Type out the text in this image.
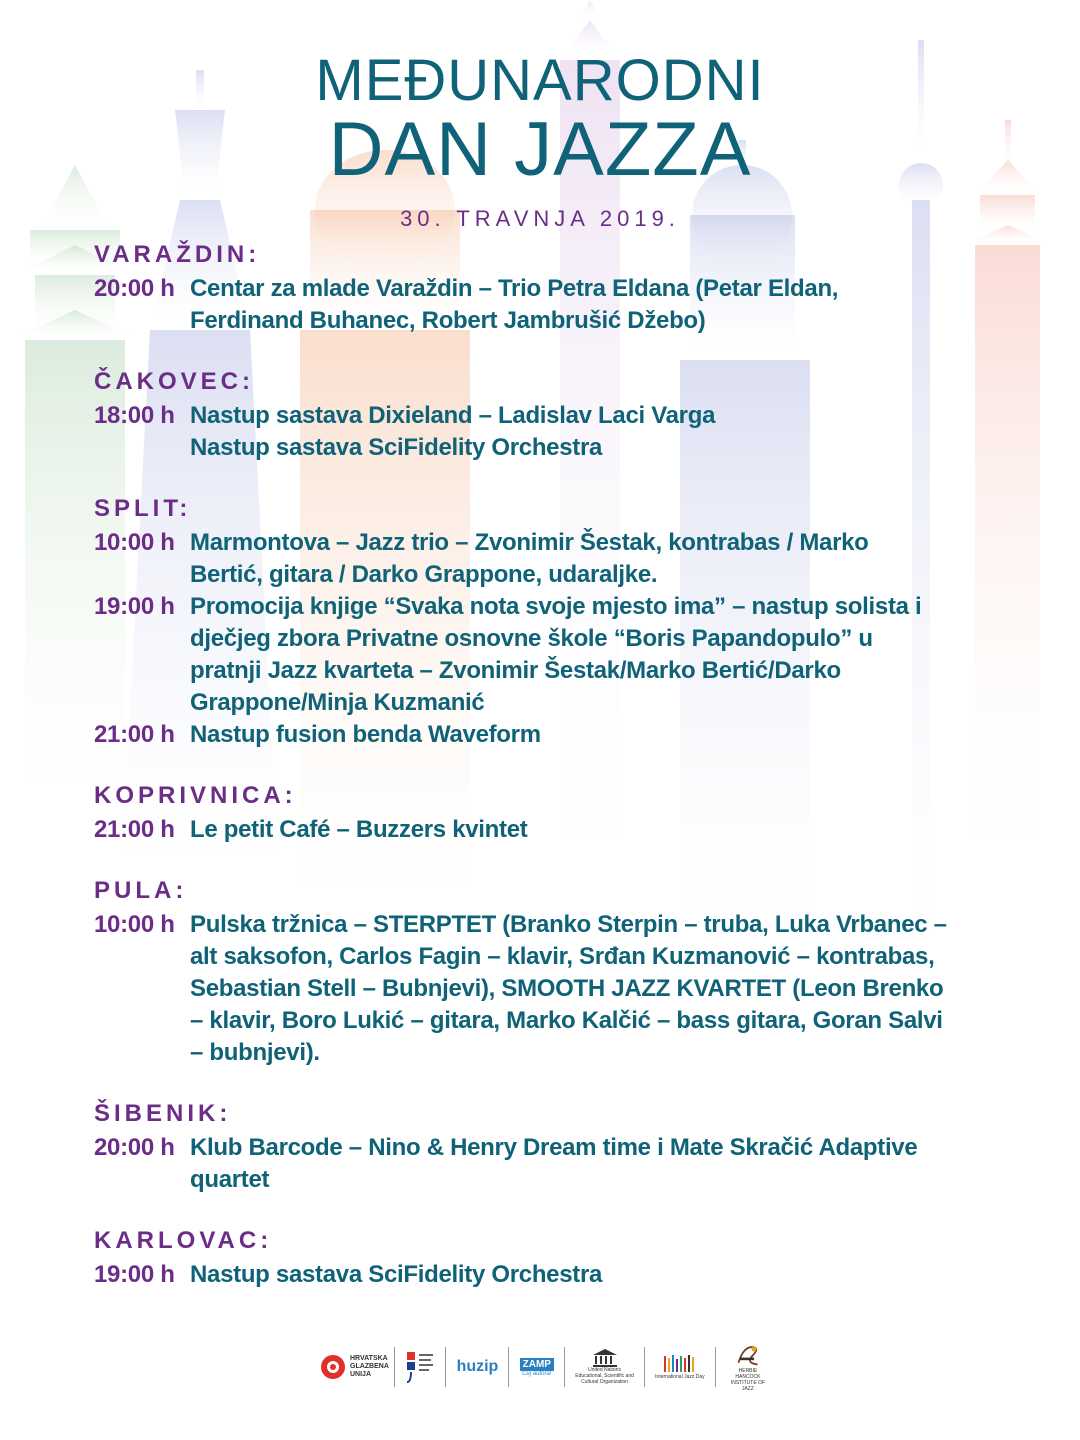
MEĐUNARODNI
DAN JAZZA
30. TRAVNJA 2019.
VARAŽDIN:
20:00 h Centar za mlade Varaždin – Trio Petra Eldana (Petar Eldan,
Ferdinand Buhanec, Robert Jambrušić Džebo)
ČAKOVEC:
18:00 h Nastup sastava Dixieland – Ladislav Laci Varga
Nastup sastava SciFidelity Orchestra
SPLIT:
10:00 h Marmontova – Jazz trio – Zvonimir Šestak, kontrabas / Marko
Bertić, gitara / Darko Grappone, udaraljke.
19:00 h Promocija knjige “Svaka nota svoje mjesto ima” – nastup solista i
dječjeg zbora Privatne osnovne škole “Boris Papandopulo” u
pratnji Jazz kvarteta – Zvonimir Šestak/Marko Bertić/Darko
Grappone/Minja Kuzmanić
21:00 h Nastup fusion benda Waveform
KOPRIVNICA:
21:00 h Le petit Café – Buzzers kvintet
PULA:
10:00 h Pulska tržnica – STERPTET (Branko Sterpin – truba, Luka Vrbanec –
alt saksofon, Carlos Fagin – klavir, Srđan Kuzmanović – kontrabas,
Sebastian Stell – Bubnjevi), SMOOTH JAZZ KVARTET (Leon Brenko
– klavir, Boro Lukić – gitara, Marko Kalčić – bass gitara, Goran Salvi
– bubnjevi).
ŠIBENIK:
20:00 h Klub Barcode – Nino & Henry Dream time i Mate Skračić Adaptive
quartet
KARLOVAC:
19:00 h Nastup sastava SciFidelity Orchestra
HRVATSKA GLAZBENA UNIJA	huzip	ZAMP
Čuj autora!
United Nations
Educational, Scientific and
Cultural Organization
International Jazz Day
HERBIE HANCOCK INSTITUTE OF JAZZ
